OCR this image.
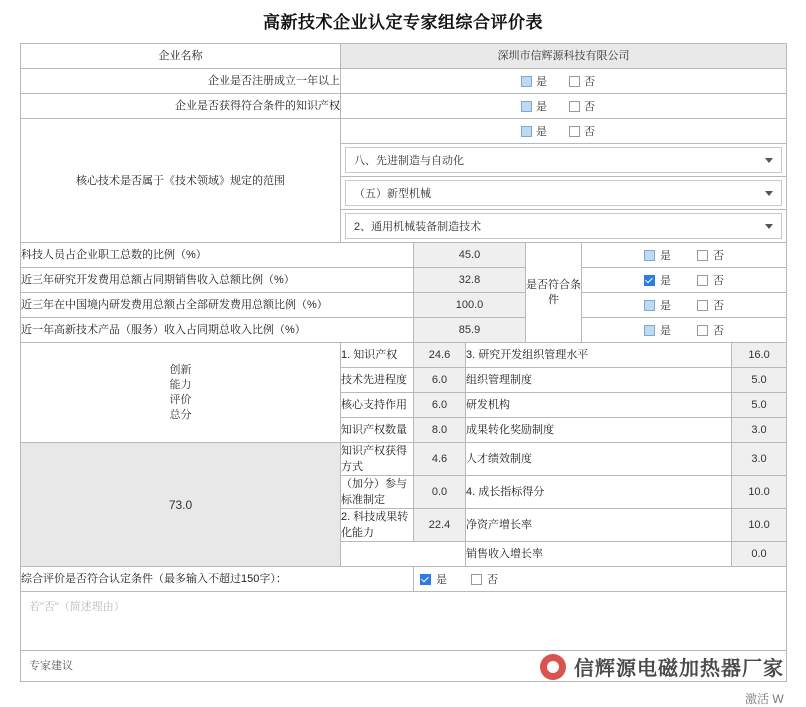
高新技术企业认定专家组综合评价表
企业名称	深圳市信辉源科技有限公司					
企业是否注册成立一年以上	是 否					

企业是否获得符合条件的知识产权	是 否					

核心技术是否属于《技术领域》规定的范围	是 否					

	八、先进制造与自动化					

	（五）新型机械					

	2、通用机械装备制造技术					

科技人员占企业职工总数的比例（%）		45.0		是否符合条件	是 否	

近三年研究开发费用总额占同期销售收入总额比例（%）		32.8			是 否	

近三年在中国境内研发费用总额占全部研发费用总额比例（%）		100.0			是 否	

近一年高新技术产品（服务）收入占同期总收入比例（%）		85.9			是 否	

创新
能力
评价
总分	1. 知识产权	24.6	3. 研究开发组织管理水平			16.0
	技术先进程度	6.0	组织管理制度			5.0
	核心支持作用	6.0	研发机构			5.0
	知识产权数量	8.0	成果转化奖励制度			3.0
73.0	知识产权获得方式	4.6	人才绩效制度			3.0
	（加分）参与标准制定	0.0	4. 成长指标得分			10.0
	2. 科技成果转化能力	22.4	净资产增长率			10.0
			销售收入增长率			0.0
综合评价是否符合认定条件（最多输入不超过150字）：		是 否				

若"否"（简述理由）						

专家建议							信辉源电磁加热器厂家
激活 W
